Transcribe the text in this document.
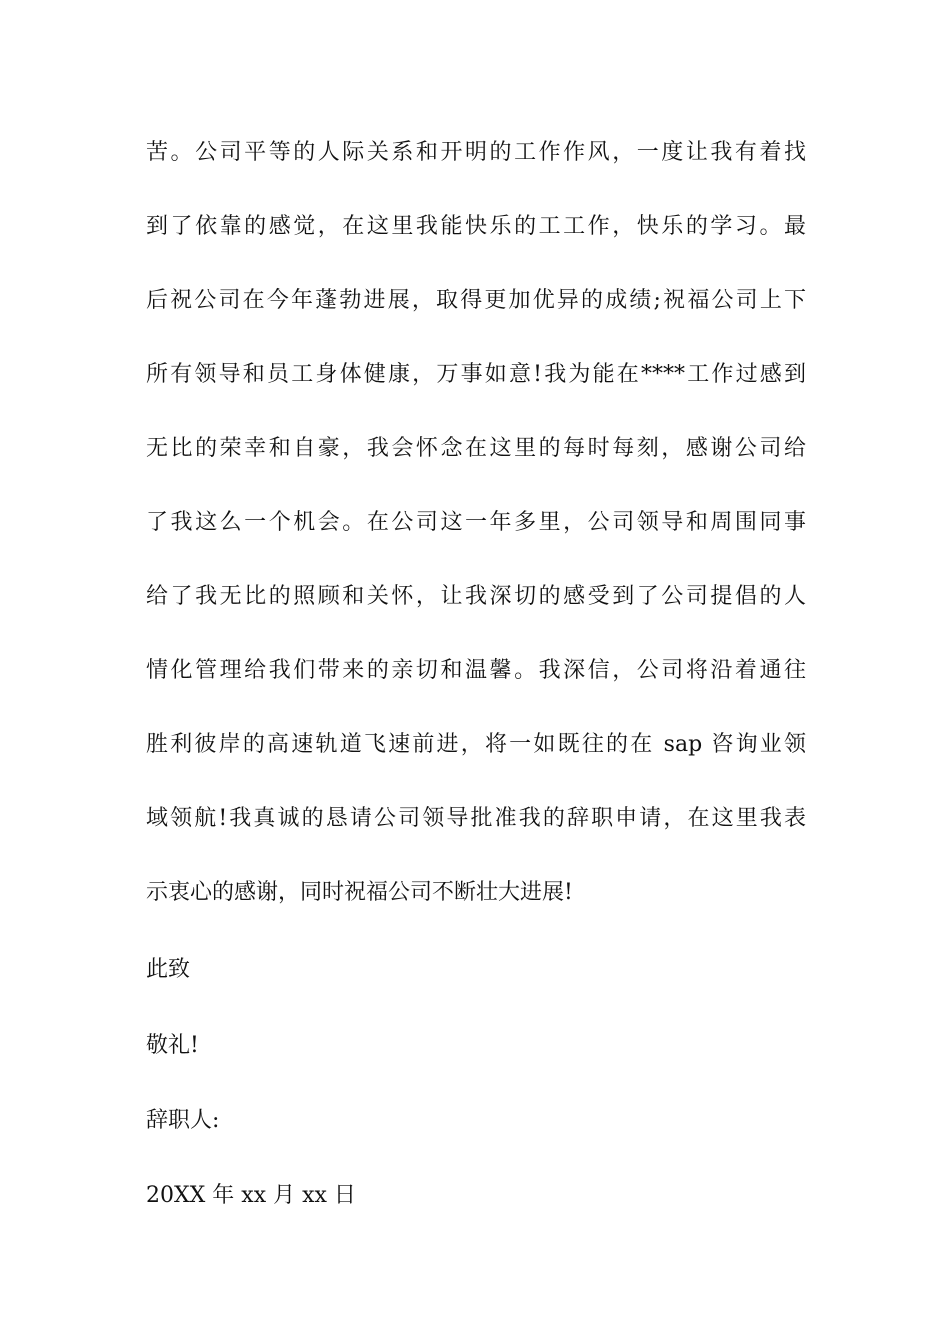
苦。公司平等的人际关系和开明的工作作风，一度让我有着找
到了依靠的感觉，在这里我能快乐的工工作，快乐的学习。最
后祝公司在今年蓬勃进展，取得更加优异的成绩;祝福公司上下
所有领导和员工身体健康，万事如意!我为能在****工作过感到
无比的荣幸和自豪，我会怀念在这里的每时每刻，感谢公司给
了我这么一个机会。在公司这一年多里，公司领导和周围同事
给了我无比的照顾和关怀，让我深切的感受到了公司提倡的人
情化管理给我们带来的亲切和温馨。我深信，公司将沿着通往
胜利彼岸的高速轨道飞速前进，将一如既往的在 sap 咨询业领
域领航!我真诚的恳请公司领导批准我的辞职申请，在这里我表
示衷心的感谢，同时祝福公司不断壮大进展!
此致
敬礼!
辞职人:
20XX 年 xx 月 xx 日
